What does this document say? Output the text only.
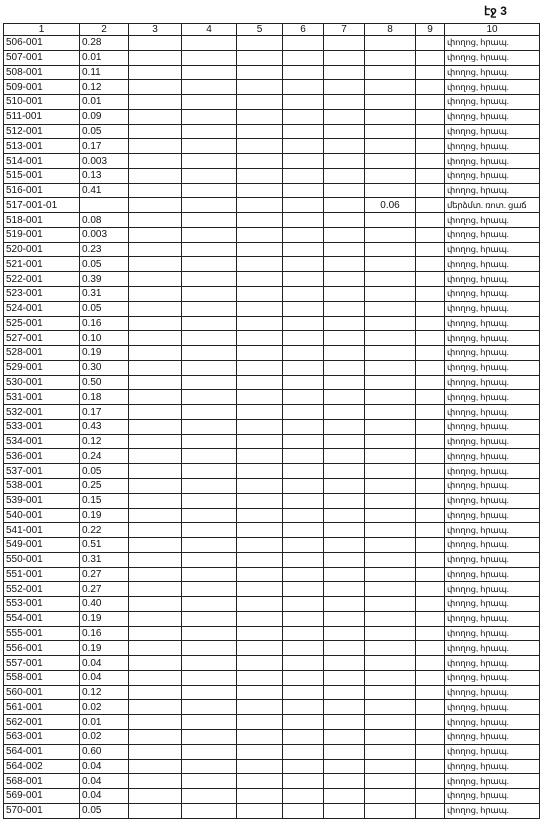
էջ 3
1	2	3	4	5	6	7	8	9	10
506-001	0.28								փողոց, հրապ.
507-001	0.01								փողոց, հրապ.
508-001	0.11								փողոց, հրապ.
509-001	0.12								փողոց, հրապ.
510-001	0.01								փողոց, հրապ.
511-001	0.09								փողոց, հրապ.
512-001	0.05								փողոց, հրապ.
513-001	0.17								փողոց, հրապ.
514-001	0.003								փողոց, հրապ.
515-001	0.13								փողոց, հրապ.
516-001	0.41								փողոց, հրապ.
517-001-01							0.06		մերձմտ. ռոտ. ցաճ
518-001	0.08								փողոց, հրապ.
519-001	0.003								փողոց, հրապ.
520-001	0.23								փողոց, հրապ.
521-001	0.05								փողոց, հրապ.
522-001	0.39								փողոց, հրապ.
523-001	0.31								փողոց, հրապ.
524-001	0.05								փողոց, հրապ.
525-001	0.16								փողոց, հրապ.
527-001	0.10								փողոց, հրապ.
528-001	0.19								փողոց, հրապ.
529-001	0.30								փողոց, հրապ.
530-001	0.50								փողոց, հրապ.
531-001	0.18								փողոց, հրապ.
532-001	0.17								փողոց, հրապ.
533-001	0.43								փողոց, հրապ.
534-001	0.12								փողոց, հրապ.
536-001	0.24								փողոց, հրապ.
537-001	0.05								փողոց, հրապ.
538-001	0.25								փողոց, հրապ.
539-001	0.15								փողոց, հրապ.
540-001	0.19								փողոց, հրապ.
541-001	0.22								փողոց, հրապ.
549-001	0.51								փողոց, հրապ.
550-001	0.31								փողոց, հրապ.
551-001	0.27								փողոց, հրապ.
552-001	0.27								փողոց, հրապ.
553-001	0.40								փողոց, հրապ.
554-001	0.19								փողոց, հրապ.
555-001	0.16								փողոց, հրապ.
556-001	0.19								փողոց, հրապ.
557-001	0.04								փողոց, հրապ.
558-001	0.04								փողոց, հրապ.
560-001	0.12								փողոց, հրապ.
561-001	0.02								փողոց, հրապ.
562-001	0.01								փողոց, հրապ.
563-001	0.02								փողոց, հրապ.
564-001	0.60								փողոց, հրապ.
564-002	0.04								փողոց, հրապ.
568-001	0.04								փողոց, հրապ.
569-001	0.04								փողոց, հրապ.
570-001	0.05								փողոց, հրապ.
